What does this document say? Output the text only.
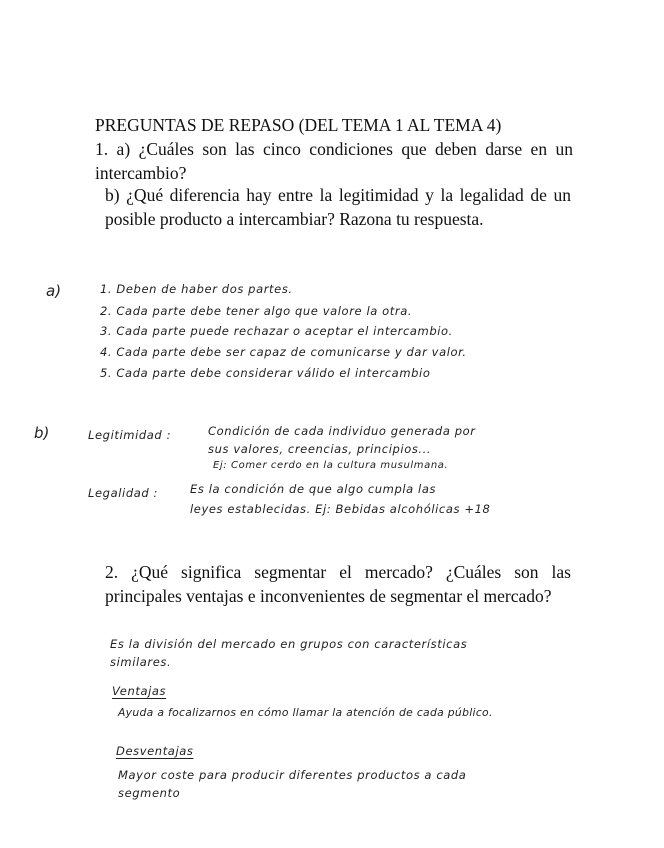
PREGUNTAS DE REPASO (DEL TEMA 1 AL TEMA 4)
1. a) ¿Cuáles son las cinco condiciones que deben darse en un intercambio?
b) ¿Qué diferencia hay entre la legitimidad y la legalidad de un posible producto a intercambiar? Razona tu respuesta.
a)	1. Deben de haber dos partes.
2. Cada parte debe tener algo que valore la otra.
3. Cada parte puede rechazar o aceptar el intercambio.
4. Cada parte debe ser capaz de comunicarse y dar valor.
5. Cada parte debe considerar válido el intercambio
b)	Legitimidad :	Condición de cada individuo generada por
sus valores, creencias, principios...
Ej: Comer cerdo en la cultura musulmana.
Legalidad :	Es la condición de que algo cumpla las
leyes establecidas. Ej: Bebidas alcohólicas +18
2. ¿Qué significa segmentar el mercado? ¿Cuáles son las principales ventajas e inconvenientes de segmentar el mercado?
Es la división del mercado en grupos con características
similares.
Ventajas
Ayuda a focalizarnos en cómo llamar la atención de cada público.
Desventajas
Mayor coste para producir diferentes productos a cada
segmento
